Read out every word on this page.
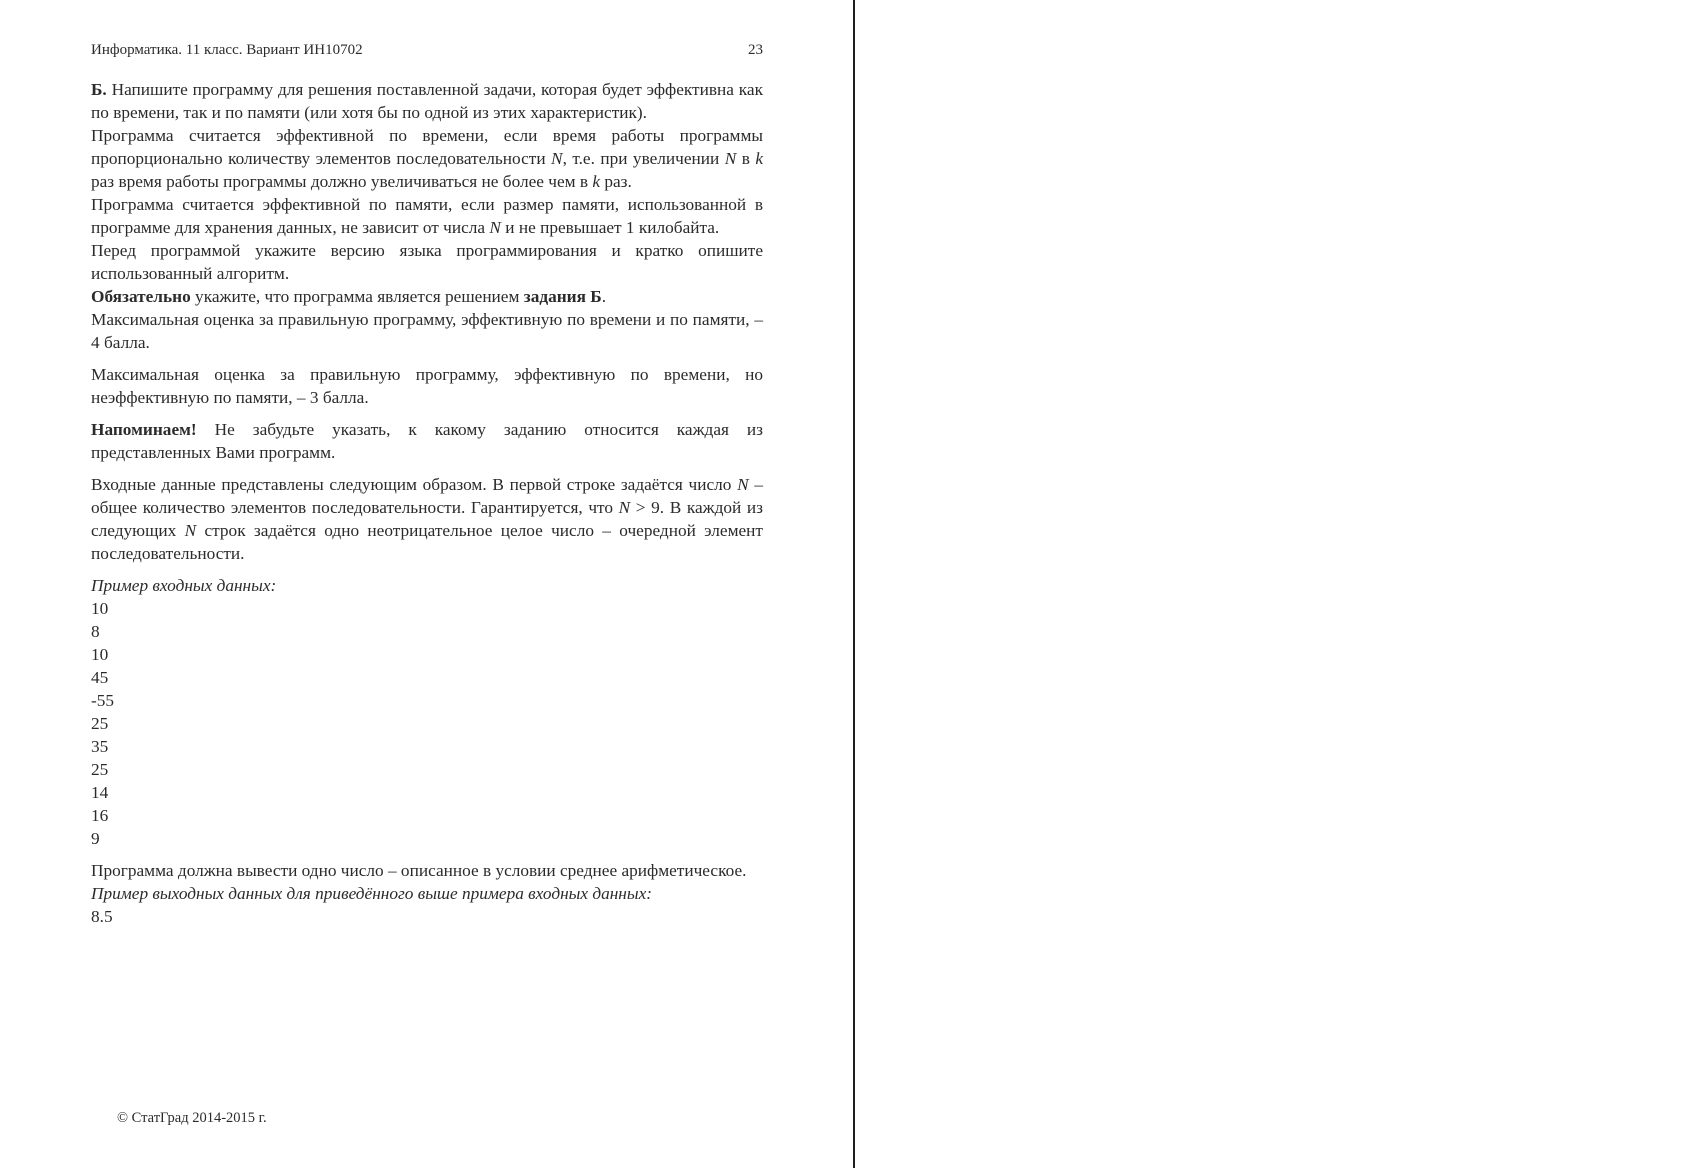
Информатика. 11 класс. Вариант ИН10702	23

Б. Напишите программу для решения поставленной задачи, которая будет эффективна как по времени, так и по памяти (или хотя бы по одной из этих характеристик).

Программа считается эффективной по времени, если время работы программы пропорционально количеству элементов последовательности N, т.е. при увеличении N в k раз время работы программы должно увеличиваться не более чем в k раз.

Программа считается эффективной по памяти, если размер памяти, использованной в программе для хранения данных, не зависит от числа N и не превышает 1 килобайта.

Перед программой укажите версию языка программирования и кратко опишите использованный алгоритм.

Обязательно укажите, что программа является решением задания Б.

Максимальная оценка за правильную программу, эффективную по времени и по памяти, – 4 балла.

Максимальная оценка за правильную программу, эффективную по времени, но неэффективную по памяти, – 3 балла.

Напоминаем! Не забудьте указать, к какому заданию относится каждая из представленных Вами программ.

Входные данные представлены следующим образом. В первой строке задаётся число N – общее количество элементов последовательности. Гарантируется, что N > 9. В каждой из следующих N строк задаётся одно неотрицательное целое число – очередной элемент последовательности.

Пример входных данных:

10
8
10
45
-55
25
35
25
14
16
9

Программа должна вывести одно число – описанное в условии среднее арифметическое.

Пример выходных данных для приведённого выше примера входных данных:

8.5
© СтатГрад 2014-2015 г.
